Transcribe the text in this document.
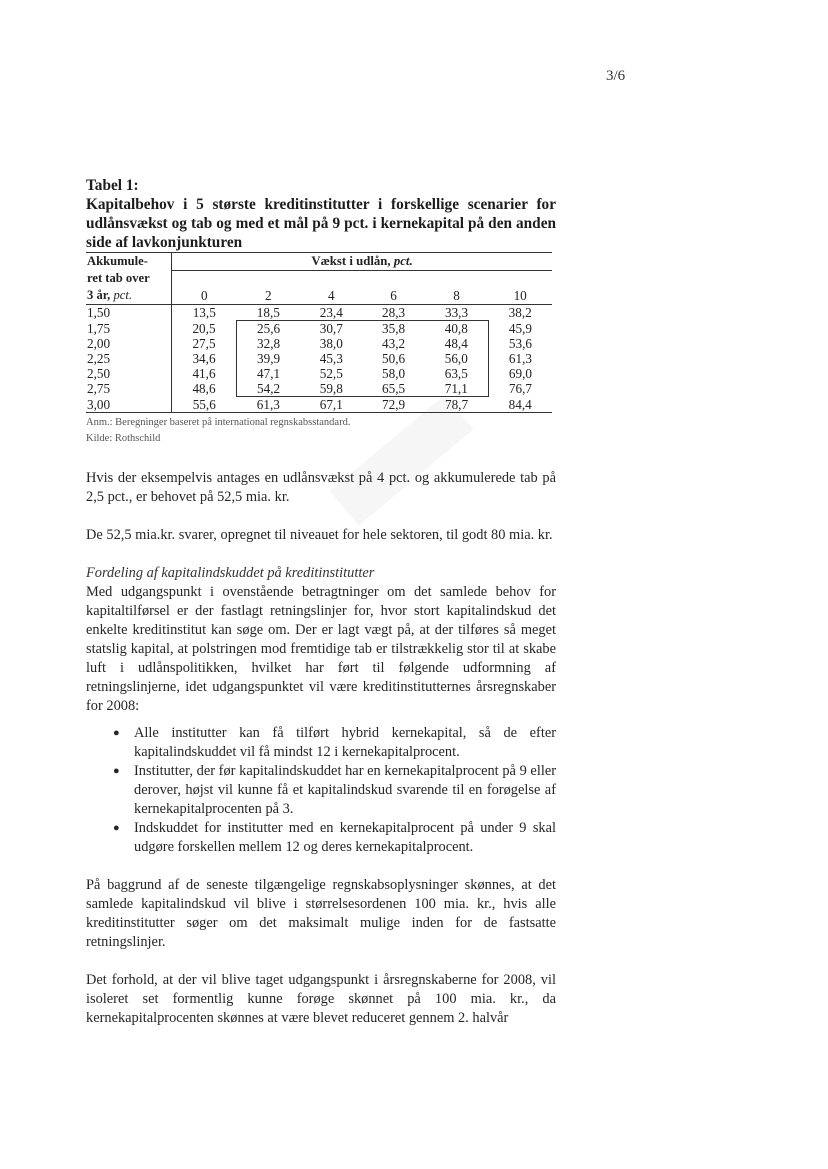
3/6
Tabel 1:
Kapitalbehov i 5 største kreditinstitutter i forskellige scenarier for udlånsvækst og tab og med et mål på 9 pct. i kernekapital på den anden side af lavkonjunkturen
Akkumule-	Vækst i udlån, pct.					
ret tab over						
3 år, pct.	0	2	4	6	8	10
1,50	13,5	18,5	23,4	28,3	33,3	38,2
1,75	20,5	25,6	30,7	35,8	40,8	45,9
2,00	27,5	32,8	38,0	43,2	48,4	53,6
2,25	34,6	39,9	45,3	50,6	56,0	61,3
2,50	41,6	47,1	52,5	58,0	63,5	69,0
2,75	48,6	54,2	59,8	65,5	71,1	76,7
3,00	55,6	61,3	67,1	72,9	78,7	84,4
Anm.: Beregninger baseret på international regnskabsstandard.
Kilde: Rothschild

Hvis der eksempelvis antages en udlånsvækst på 4 pct. og akkumulerede tab på 2,5 pct., er behovet på 52,5 mia. kr.

De 52,5 mia.kr. svarer, opregnet til niveauet for hele sektoren, til godt 80 mia. kr.

Fordeling af kapitalindskuddet på kreditinstitutter

Med udgangspunkt i ovenstående betragtninger om det samlede behov for kapitaltilførsel er der fastlagt retningslinjer for, hvor stort kapitalindskud det enkelte kreditinstitut kan søge om. Der er lagt vægt på, at der tilføres så meget statslig kapital, at polstringen mod fremtidige tab er tilstrækkelig stor til at skabe luft i udlånspolitikken, hvilket har ført til følgende udformning af retningslinjerne, idet udgangspunktet vil være kreditinstitutternes årsregnskaber for 2008:

● Alle institutter kan få tilført hybrid kernekapital, så de efter kapitalindskuddet vil få mindst 12 i kernekapitalprocent.
● Institutter, der før kapitalindskuddet har en kernekapitalprocent på 9 eller derover, højst vil kunne få et kapitalindskud svarende til en forøgelse af kernekapitalprocenten på 3.
● Indskuddet for institutter med en kernekapitalprocent på under 9 skal udgøre forskellen mellem 12 og deres kernekapitalprocent.

På baggrund af de seneste tilgængelige regnskabsoplysninger skønnes, at det samlede kapitalindskud vil blive i størrelsesordenen 100 mia. kr., hvis alle kreditinstitutter søger om det maksimalt mulige inden for de fastsatte retningslinjer.

Det forhold, at der vil blive taget udgangspunkt i årsregnskaberne for 2008, vil isoleret set formentlig kunne forøge skønnet på 100 mia. kr., da kernekapitalprocenten skønnes at være blevet reduceret gennem 2. halvår
